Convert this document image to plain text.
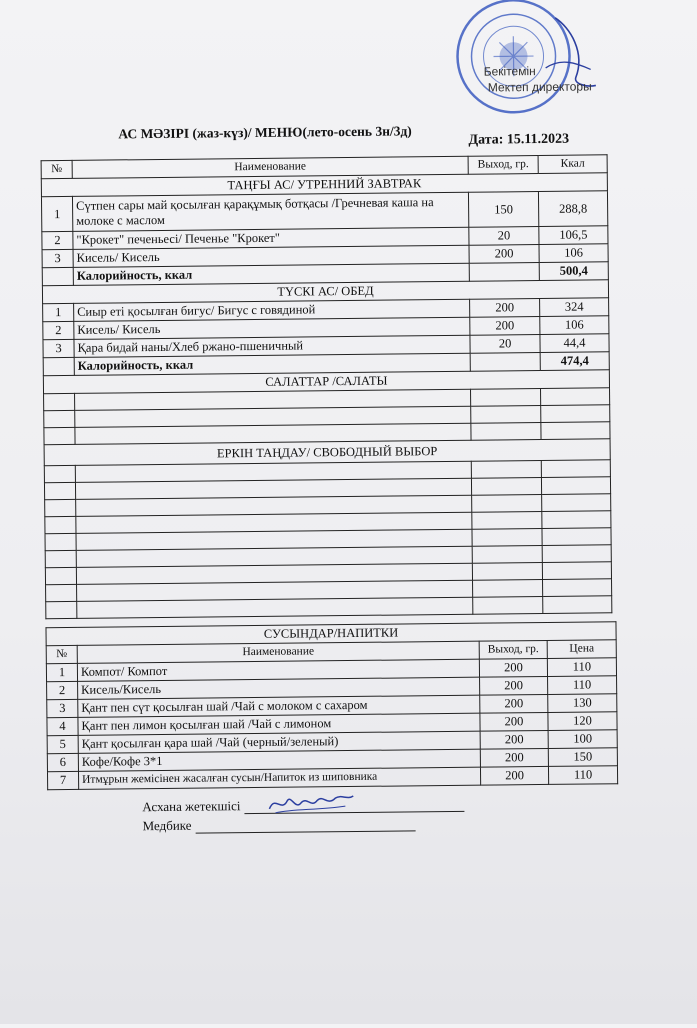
Бекітемін
Мектеп директоры
АС МӘЗІРІ (жаз-күз)/ МЕНЮ(лето-осень 3н/3д)	Дата: 15.11.2023
№	Наименование	Выход, гр.	Ккал
ТАҢҒЫ АС/ УТРЕННИЙ ЗАВТРАК			
1	Сүтпен сары май қосылған қарақұмық ботқасы /Гречневая каша на молоке с маслом	150	288,8
2	"Крокет" печеньесі/ Печенье "Крокет"	20	106,5
3	Кисель/ Кисель	200	106
	Калорийность, ккал		500,4
ТҮСКІ АС/ ОБЕД			
1	Сиыр еті қосылған бигус/ Бигус с говядиной	200	324
2	Кисель/ Кисель	200	106
3	Қара бидай наны/Хлеб ржано-пшеничный	20	44,4
	Калорийность, ккал		474,4
САЛАТТАР /САЛАТЫ			

ЕРКІН ТАҢДАУ/ СВОБОДНЫЙ ВЫБОР			

СУСЫНДАР/НАПИТКИ			
№	Наименование	Выход, гр.	Цена
1	Компот/ Компот	200	110
2	Кисель/Кисель	200	110
3	Қант пен сүт қосылған шай /Чай с молоком с сахаром	200	130
4	Қант пен лимон қосылған шай /Чай с лимоном	200	120
5	Қант қосылған қара шай /Чай (черный/зеленый)	200	100
6	Кофе/Кофе 3*1	200	150
7	Итмұрын жемісінен жасалған сусын/Напиток из шиповника	200	110
Асхана жетекшісі
Медбике
